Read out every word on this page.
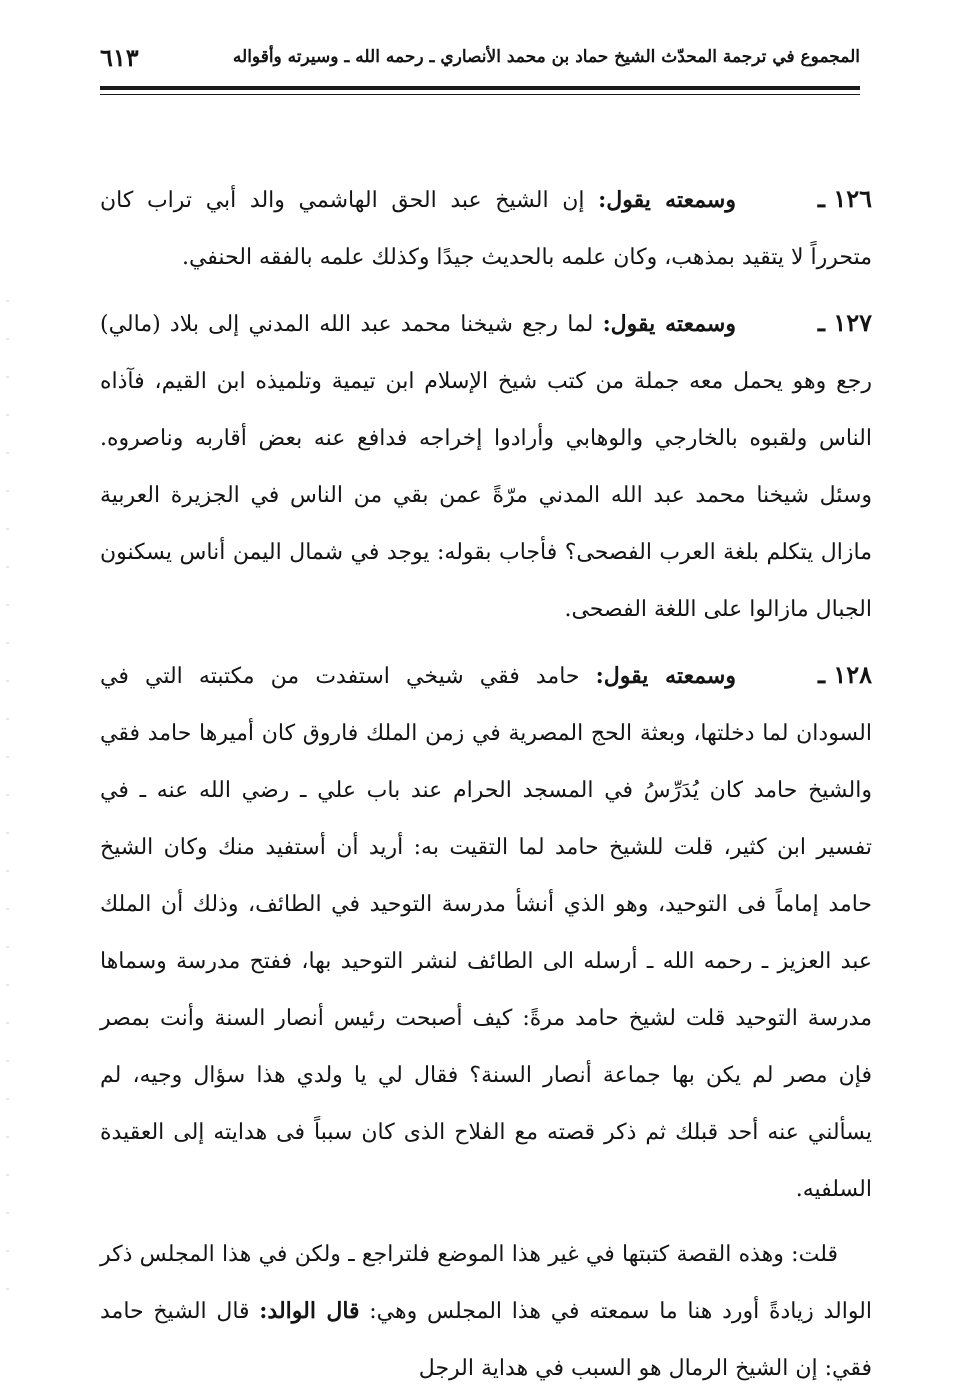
المجموع في ترجمة المحدّث الشيخ حماد بن محمد الأنصاري ـ رحمه الله ـ وسيرته وأقواله
٦١٣

١٢٦ ـوسمعته يقول: إن الشيخ عبد الحق الهاشمي والد أبي تراب كان متحرراً لا يتقيد بمذهب، وكان علمه بالحديث جيدًا وكذلك علمه بالفقه الحنفي.

١٢٧ ـوسمعته يقول: لما رجع شيخنا محمد عبد الله المدني إلى بلاد (مالي) رجع وهو يحمل معه جملة من كتب شيخ الإسلام ابن تيمية وتلميذه ابن القيم، فآذاه الناس ولقبوه بالخارجي والوهابي وأرادوا إخراجه فدافع عنه بعض أقاربه وناصروه. وسئل شيخنا محمد عبد الله المدني مرّةً عمن بقي من الناس في الجزيرة العربية مازال يتكلم بلغة العرب الفصحى؟ فأجاب بقوله: يوجد في شمال اليمن أناس يسكنون الجبال مازالوا على اللغة الفصحى.

١٢٨ ـوسمعته يقول: حامد فقي شيخي استفدت من مكتبته التي في السودان لما دخلتها، وبعثة الحج المصرية في زمن الملك فاروق كان أميرها حامد فقي والشيخ حامد كان يُدَرِّسُ في المسجد الحرام عند باب علي ـ رضي الله عنه ـ في تفسير ابن كثير، قلت للشيخ حامد لما التقيت به: أريد أن أستفيد منك وكان الشيخ حامد إماماً فى التوحيد، وهو الذي أنشأ مدرسة التوحيد في الطائف، وذلك أن الملك عبد العزيز ـ رحمه الله ـ أرسله الى الطائف لنشر التوحيد بها، ففتح مدرسة وسماها مدرسة التوحيد قلت لشيخ حامد مرةً: كيف أصبحت رئيس أنصار السنة وأنت بمصر فإن مصر لم يكن بها جماعة أنصار السنة؟ فقال لي يا ولدي هذا سؤال وجيه، لم يسألني عنه أحد قبلك ثم ذكر قصته مع الفلاح الذى كان سبباً فى هدايته إلى العقيدة السلفيه.

قلت: وهذه القصة كتبتها في غير هذا الموضع فلتراجع ـ ولكن في هذا المجلس ذكر الوالد زيادةً أورد هنا ما سمعته في هذا المجلس وهي: قال الوالد: قال الشيخ حامد فقي: إن الشيخ الرمال هو السبب في هداية الرجل
